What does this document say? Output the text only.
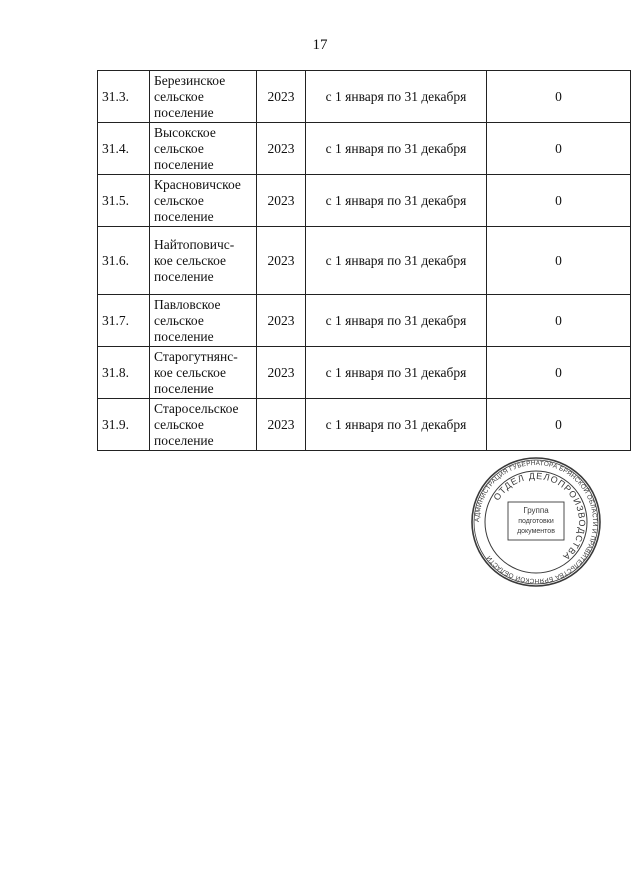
17
31.3.	Березинское
сельское
поселение	2023	с 1 января по 31 декабря	0
31.4.	Высокское
сельское
поселение	2023	с 1 января по 31 декабря	0
31.5.	Красновичское
сельское
поселение	2023	с 1 января по 31 декабря	0
31.6.	Найтоповичс-
кое сельское
поселение	2023	с 1 января по 31 декабря	0
31.7.	Павловское
сельское
поселение	2023	с 1 января по 31 декабря	0
31.8.	Старогутнянс-
кое сельское
поселение	2023	с 1 января по 31 декабря	0
31.9.	Старосельское
сельское
поселение	2023	с 1 января по 31 декабря	0
АДМИНИСТРАЦИЯ ГУБЕРНАТОРА БРЯНСКОЙ ОБЛАСТИ И ПРАВИТЕЛЬСТВА БРЯНСКОЙ ОБЛАСТИ
ОТДЕЛ ДЕЛОПРОИЗВОДСТВА
Группа
подготовки
документов
